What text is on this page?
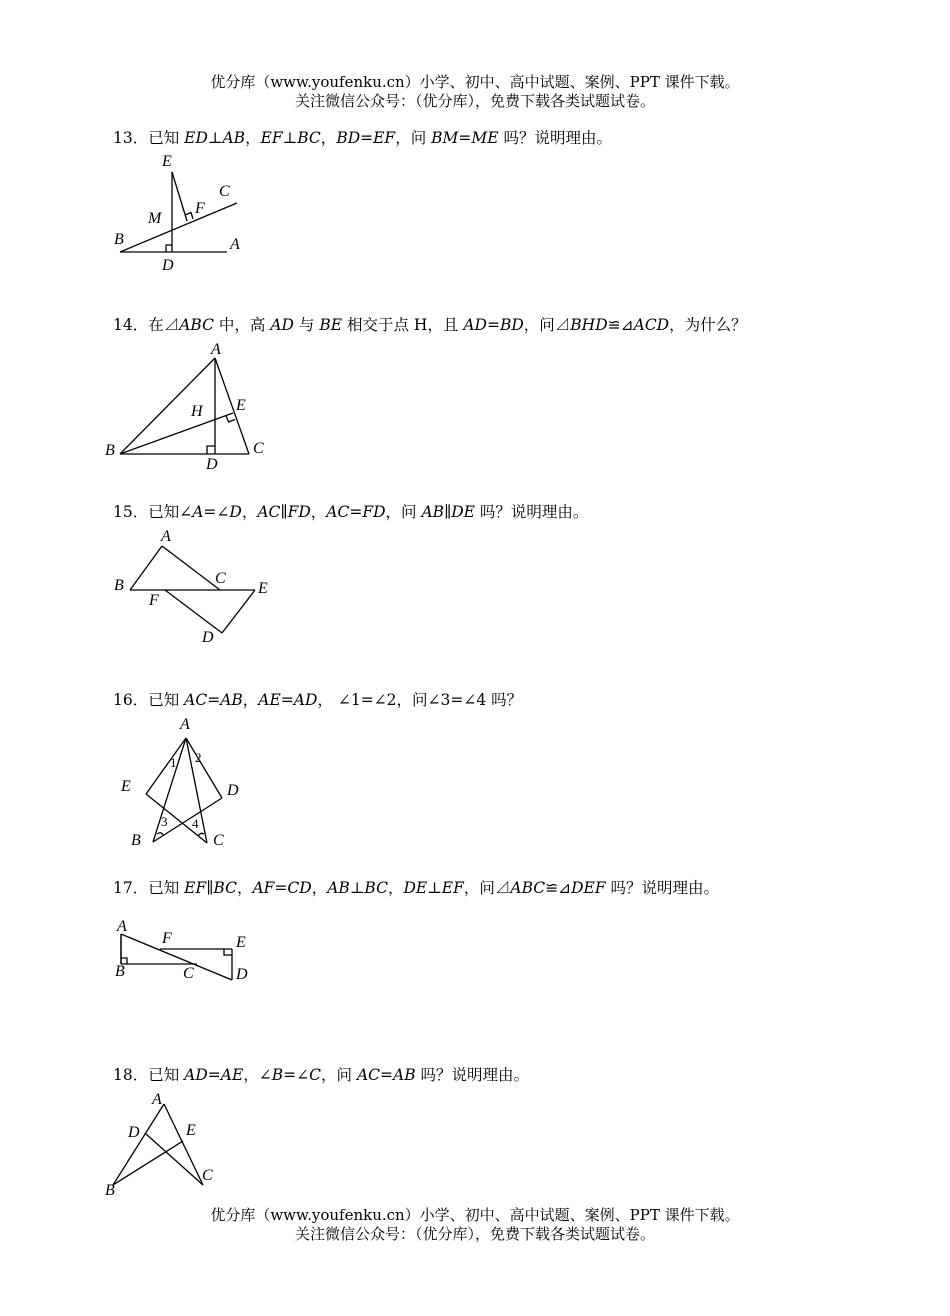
优分库（www.youfenku.cn）小学、初中、高中试题、案例、PPT 课件下载。
关注微信公众号：（优分库），免费下载各类试题试卷。
13．已知 ED⊥AB，EF⊥BC，BD=EF，问 BM=ME 吗？说明理由。
E
F
C
M
B	A
D
14．在⊿ABC 中，高 AD 与 BE 相交于点 H，且 AD=BD，问⊿BHD≌⊿ACD，为什么？
A
H E
B	C
D
15．已知∠A=∠D，AC∥FD，AC=FD，问 AB∥DE 吗？说明理由。
A
B	C
E
F
D
16．已知 AC=AB，AE=AD， ∠1=∠2，问∠3=∠4 吗？
A
E	D
B	C
1 2
3 4
17．已知 EF∥BC，AF=CD，AB⊥BC，DE⊥EF，问⊿ABC≌⊿DEF 吗？说明理由。
A
F	E
B	C	D
18．已知 AD=AE，∠B=∠C，问 AC=AB 吗？说明理由。
A
D	E
B
C
优分库（www.youfenku.cn）小学、初中、高中试题、案例、PPT 课件下载。
关注微信公众号：（优分库），免费下载各类试题试卷。
